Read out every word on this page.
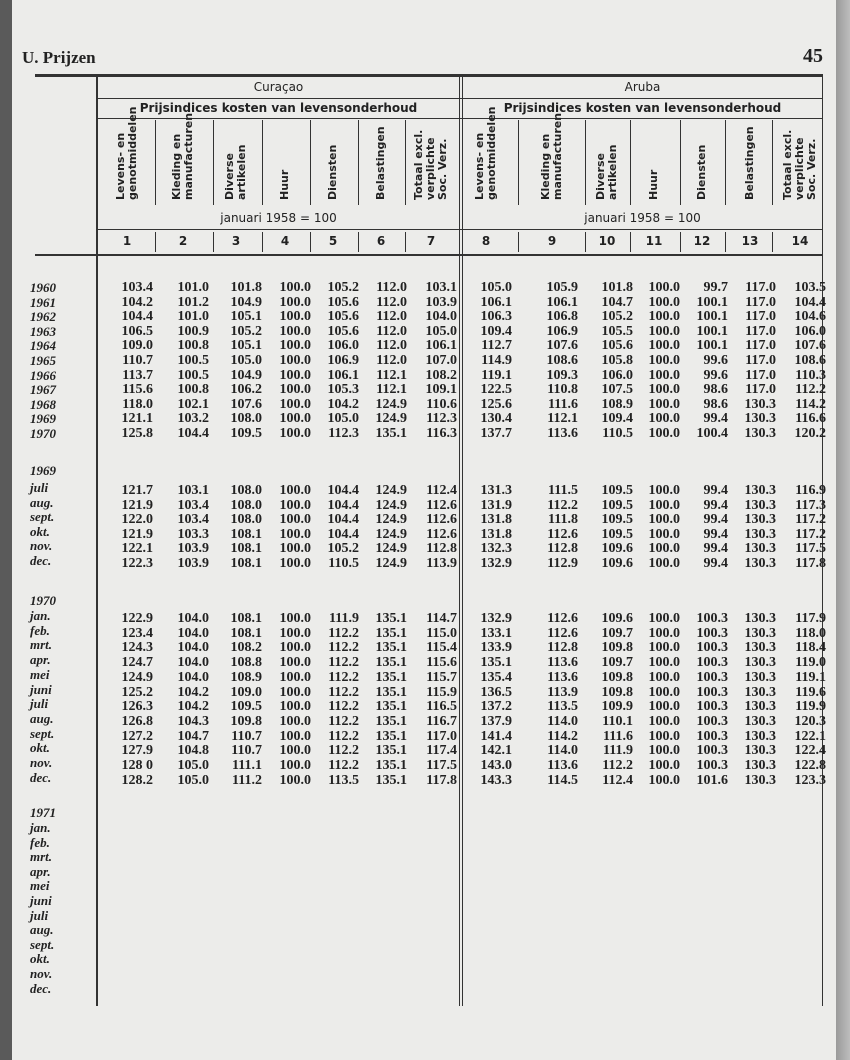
U. Prijzen	45
Curaçao
Prijsindices kosten van levensonderhoud
januari 1958 = 100
Aruba
Prijsindices kosten van levensonderhoud
januari 1958 = 100
Levens- en
genotmiddelen
1
Kleding en
manufacturen
2
Diverse
artikelen
3
Huur
4
Diensten
5
Belastingen
6
Totaal excl.
verplichte
Soc. Verz.
7
Levens- en
genotmiddelen
8
Kleding en
manufacturen
9
Diverse
artikelen
10
Huur
11
Diensten
12
Belastingen
13
Totaal excl.
verplichte
Soc. Verz.
14
1960	103.4	101.0	101.8	100.0	105.2	112.0	103.1	105.0	105.9	101.8	100.0	99.7	117.0	103.5
1961	104.2	101.2	104.9	100.0	105.6	112.0	103.9	106.1	106.1	104.7	100.0	100.1	117.0	104.4
1962	104.4	101.0	105.1	100.0	105.6	112.0	104.0	106.3	106.8	105.2	100.0	100.1	117.0	104.6
1963	106.5	100.9	105.2	100.0	105.6	112.0	105.0	109.4	106.9	105.5	100.0	100.1	117.0	106.0
1964	109.0	100.8	105.1	100.0	106.0	112.0	106.1	112.7	107.6	105.6	100.0	100.1	117.0	107.6
1965	110.7	100.5	105.0	100.0	106.9	112.0	107.0	114.9	108.6	105.8	100.0	99.6	117.0	108.6
1966	113.7	100.5	104.9	100.0	106.1	112.1	108.2	119.1	109.3	106.0	100.0	99.6	117.0	110.3
1967	115.6	100.8	106.2	100.0	105.3	112.1	109.1	122.5	110.8	107.5	100.0	98.6	117.0	112.2
1968	118.0	102.1	107.6	100.0	104.2	124.9	110.6	125.6	111.6	108.9	100.0	98.6	130.3	114.2
1969	121.1	103.2	108.0	100.0	105.0	124.9	112.3	130.4	112.1	109.4	100.0	99.4	130.3	116.6
1970	125.8	104.4	109.5	100.0	112.3	135.1	116.3	137.7	113.6	110.5	100.0	100.4	130.3	120.2
1969
juli	121.7	103.1	108.0	100.0	104.4	124.9	112.4	131.3	111.5	109.5	100.0	99.4	130.3	116.9
aug.	121.9	103.4	108.0	100.0	104.4	124.9	112.6	131.9	112.2	109.5	100.0	99.4	130.3	117.3
sept.	122.0	103.4	108.0	100.0	104.4	124.9	112.6	131.8	111.8	109.5	100.0	99.4	130.3	117.2
okt.	121.9	103.3	108.1	100.0	104.4	124.9	112.6	131.8	112.6	109.5	100.0	99.4	130.3	117.2
nov.	122.1	103.9	108.1	100.0	105.2	124.9	112.8	132.3	112.8	109.6	100.0	99.4	130.3	117.5
dec.	122.3	103.9	108.1	100.0	110.5	124.9	113.9	132.9	112.9	109.6	100.0	99.4	130.3	117.8
1970
jan.	122.9	104.0	108.1	100.0	111.9	135.1	114.7	132.9	112.6	109.6	100.0	100.3	130.3	117.9
feb.	123.4	104.0	108.1	100.0	112.2	135.1	115.0	133.1	112.6	109.7	100.0	100.3	130.3	118.0
mrt.	124.3	104.0	108.2	100.0	112.2	135.1	115.4	133.9	112.8	109.8	100.0	100.3	130.3	118.4
apr.	124.7	104.0	108.8	100.0	112.2	135.1	115.6	135.1	113.6	109.7	100.0	100.3	130.3	119.0
mei	124.9	104.0	108.9	100.0	112.2	135.1	115.7	135.4	113.6	109.8	100.0	100.3	130.3	119.1
juni	125.2	104.2	109.0	100.0	112.2	135.1	115.9	136.5	113.9	109.8	100.0	100.3	130.3	119.6
juli	126.3	104.2	109.5	100.0	112.2	135.1	116.5	137.2	113.5	109.9	100.0	100.3	130.3	119.9
aug.	126.8	104.3	109.8	100.0	112.2	135.1	116.7	137.9	114.0	110.1	100.0	100.3	130.3	120.3
sept.	127.2	104.7	110.7	100.0	112.2	135.1	117.0	141.4	114.2	111.6	100.0	100.3	130.3	122.1
okt.	127.9	104.8	110.7	100.0	112.2	135.1	117.4	142.1	114.0	111.9	100.0	100.3	130.3	122.4
nov.	128 0	105.0	111.1	100.0	112.2	135.1	117.5	143.0	113.6	112.2	100.0	100.3	130.3	122.8
dec.	128.2	105.0	111.2	100.0	113.5	135.1	117.8	143.3	114.5	112.4	100.0	101.6	130.3	123.3
1971
jan.
feb.
mrt.
apr.
mei
juni
juli
aug.
sept.
okt.
nov.
dec.
